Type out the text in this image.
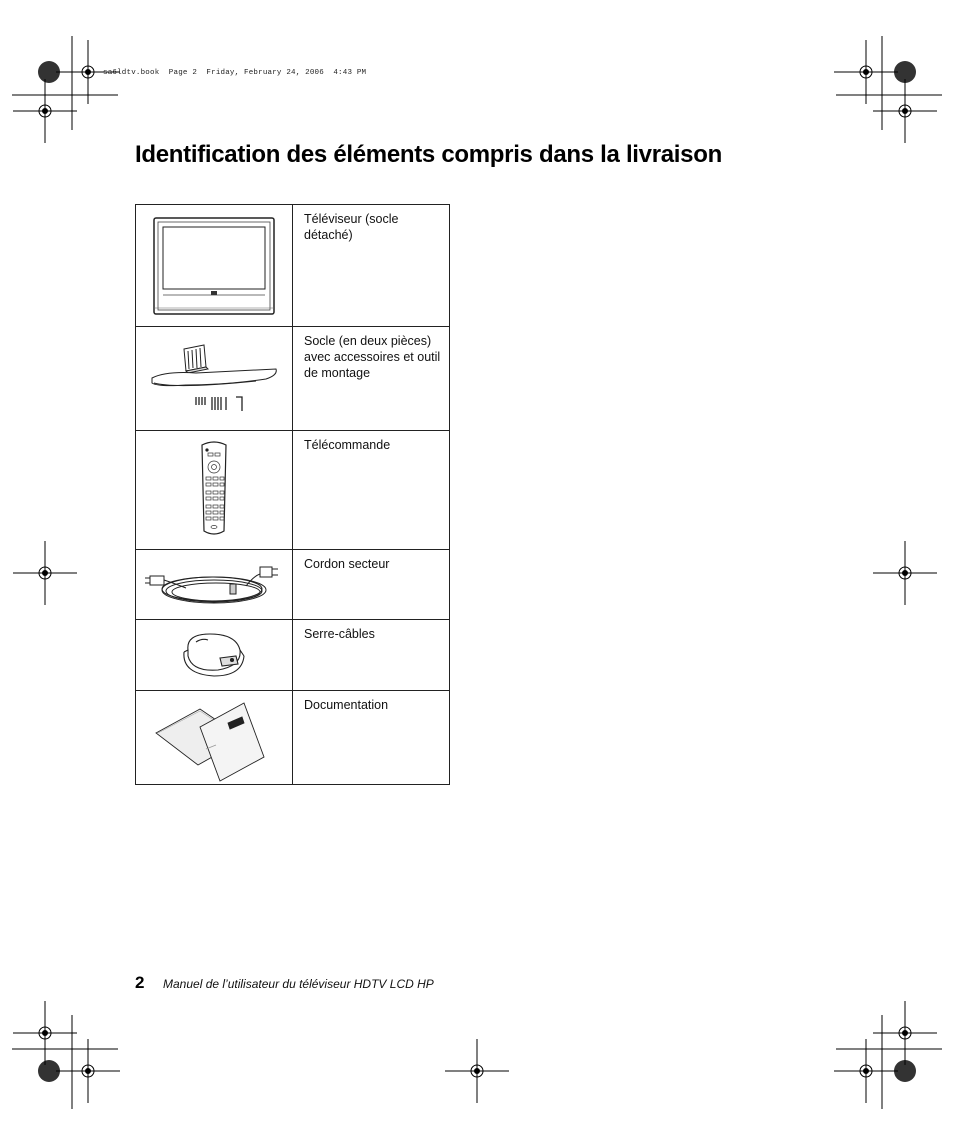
sa6ldtv.book  Page 2  Friday, February 24, 2006  4:43 PM
Identification des éléments compris dans la livraison
	Téléviseur (socle détaché)

	Socle (en deux pièces) avec accessoires et outil de montage

	Télécommande

	Cordon secteur

	Serre-câbles

	Documentation
2 Manuel de l’utilisateur du téléviseur HDTV LCD HP
